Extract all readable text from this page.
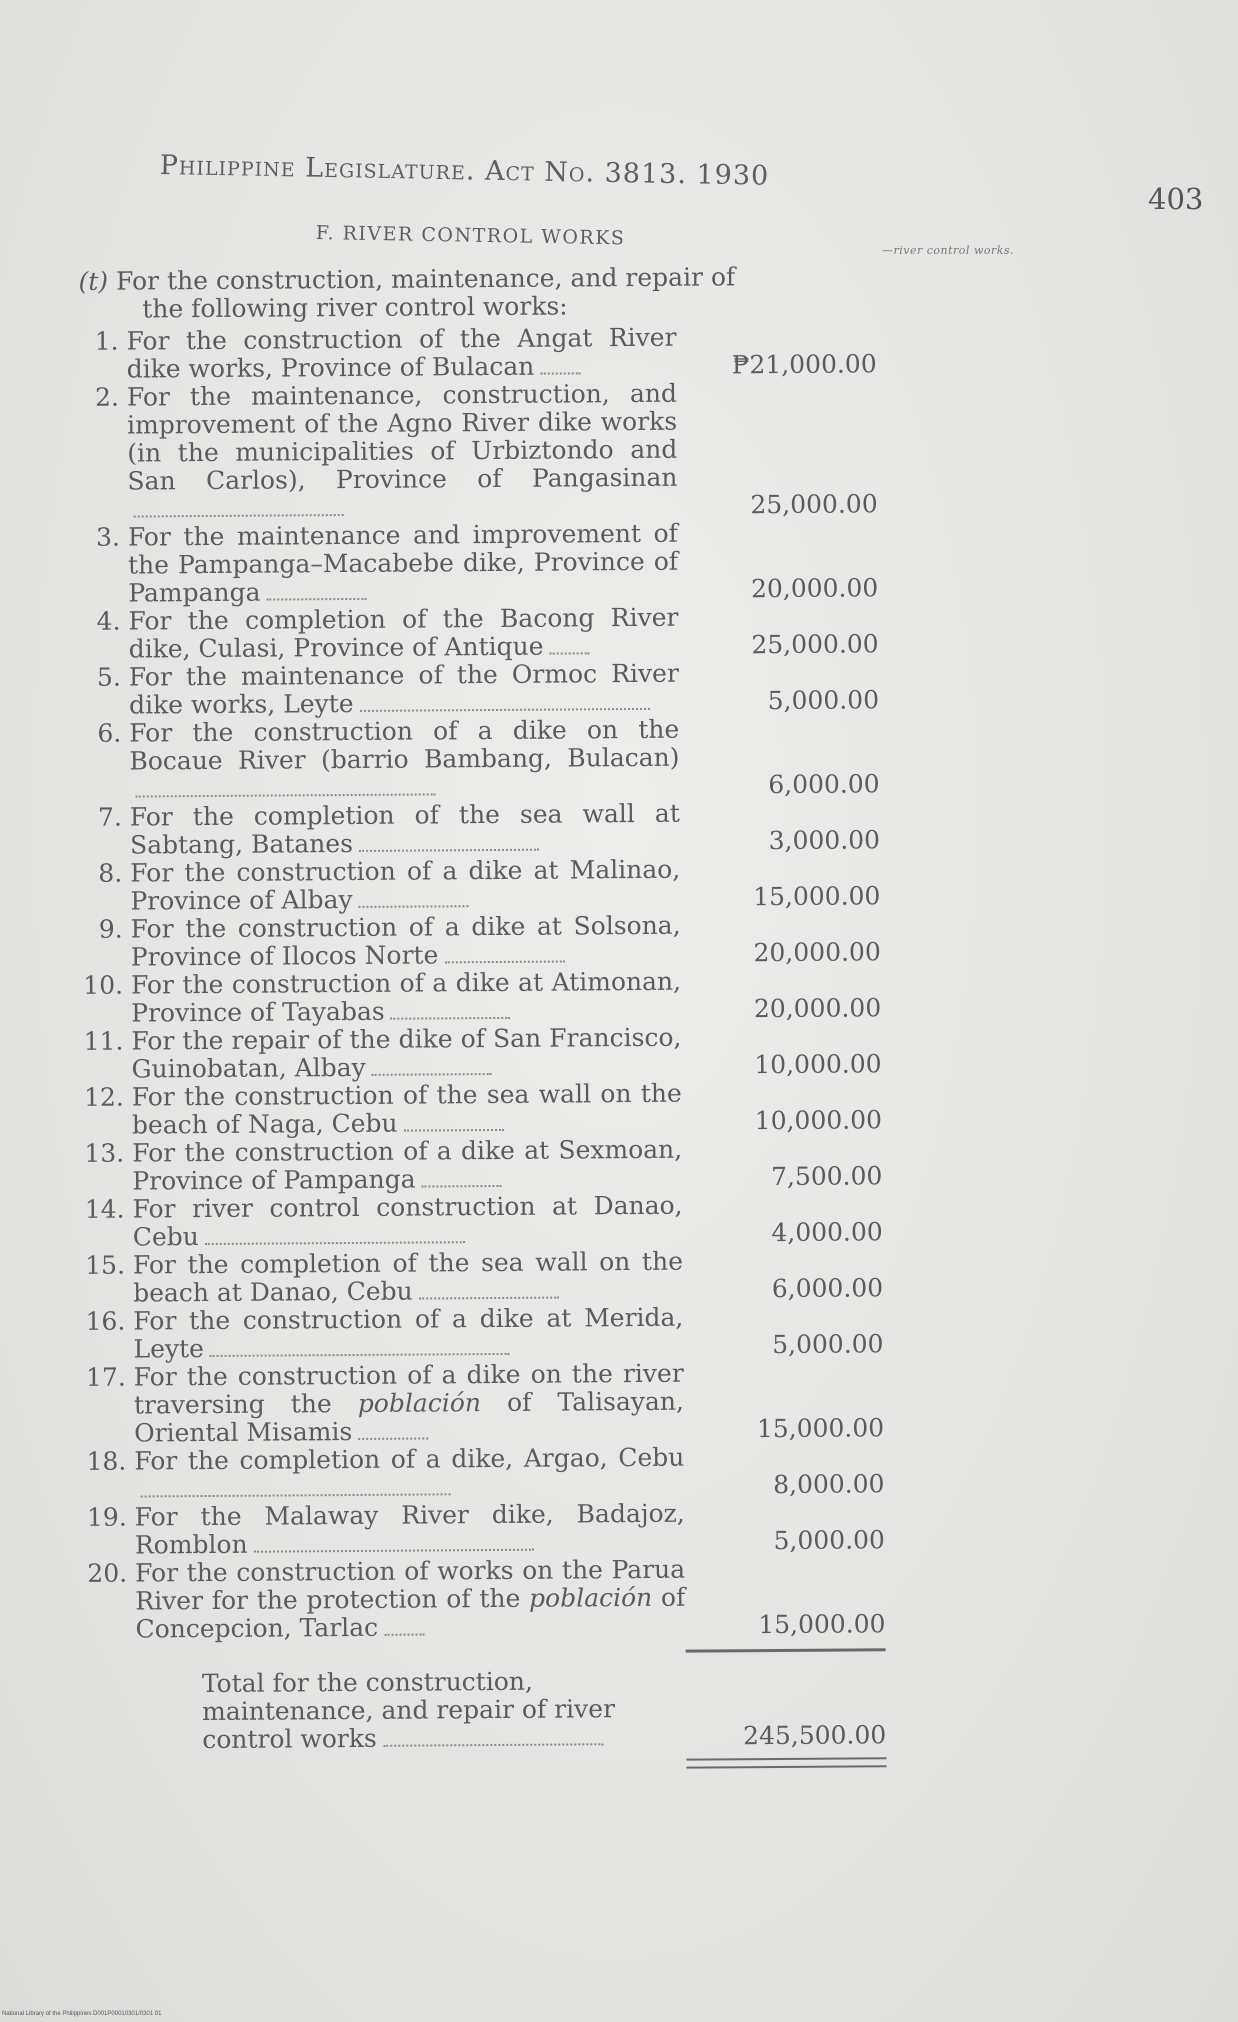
Philippine Legislature. Act No. 3813. 1930
403
F. RIVER CONTROL WORKS
—river control works.
(t) For the construction, maintenance, and repair of the following river control works:
1. For the construction of the Angat River dike works, Province of Bulacan	₱21,000.00
2. For the maintenance, construction, and improvement of the Agno River dike works (in the municipalities of Urbiztondo and San Carlos), Province of Pangasinan
25,000.00
3. For the maintenance and improvement of the Pampanga–Macabebe dike, Province of Pampanga	20,000.00
4. For the completion of the Bacong River dike, Culasi, Province of Antique	25,000.00
5. For the maintenance of the Ormoc River dike works, Leyte	5,000.00
6. For the construction of a dike on the Bocaue River (barrio Bambang, Bulacan)
6,000.00
7. For the completion of the sea wall at Sabtang, Batanes	3,000.00
8. For the construction of a dike at Malinao, Province of Albay	15,000.00
9. For the construction of a dike at Solsona, Province of Ilocos Norte	20,000.00
10. For the construction of a dike at Atimonan, Province of Tayabas	20,000.00
11. For the repair of the dike of San Francisco, Guinobatan, Albay	10,000.00
12. For the construction of the sea wall on the beach of Naga, Cebu	10,000.00
13. For the construction of a dike at Sexmoan, Province of Pampanga	7,500.00
14. For river control construction at Danao, Cebu	4,000.00
15. For the completion of the sea wall on the beach at Danao, Cebu	6,000.00
16. For the construction of a dike at Merida, Leyte	5,000.00
17. For the construction of a dike on the river traversing the población of Talisayan, Oriental Misamis	15,000.00
18. For the completion of a dike, Argao, Cebu
8,000.00
19. For the Malaway River dike, Badajoz, Romblon	5,000.00
20. For the construction of works on the Parua River for the protection of the población of Concepcion, Tarlac	15,000.00
Total for the construction, maintenance, and repair of river control works	245,500.00
National Library of the Philippines D001P00010301/0301 01
